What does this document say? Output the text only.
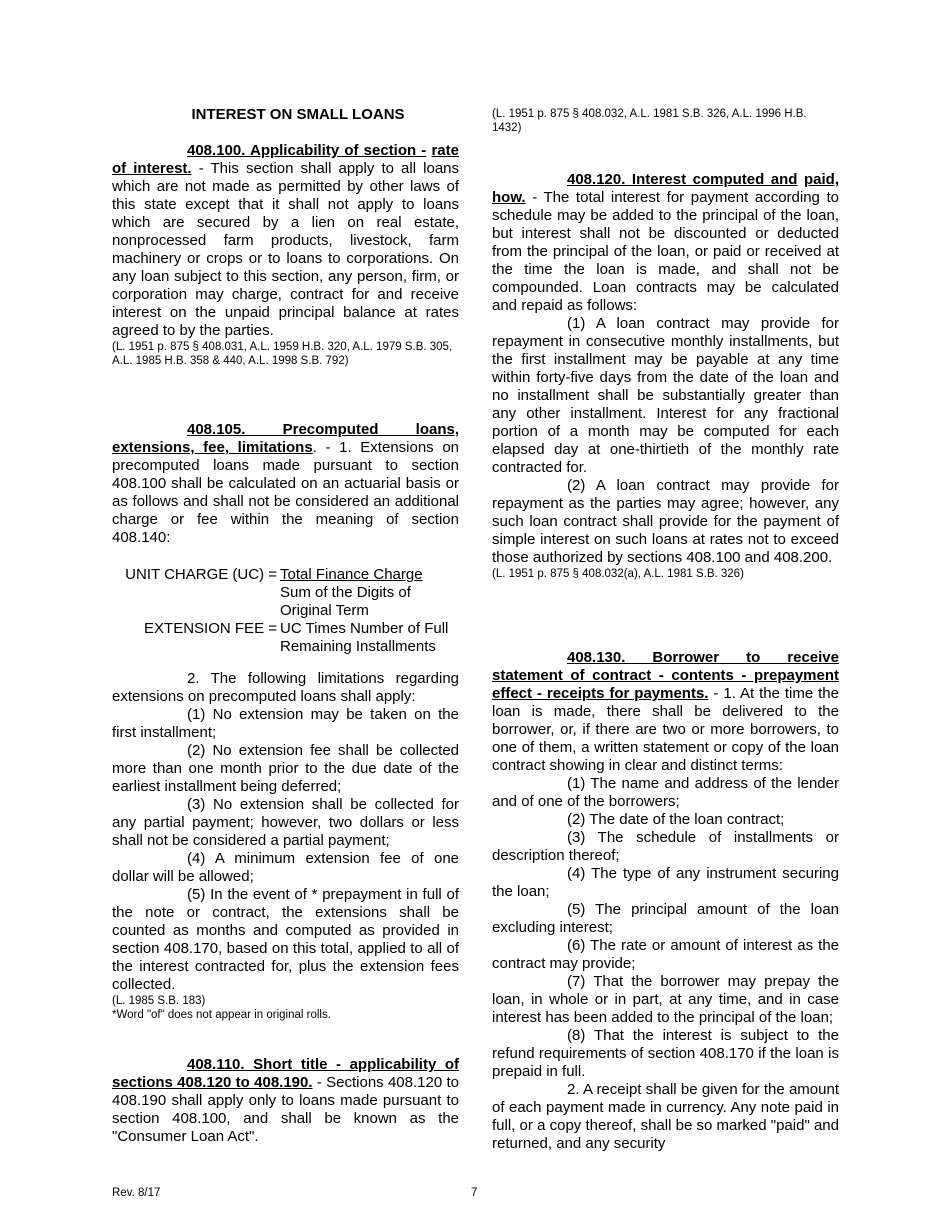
INTEREST ON SMALL LOANS

408.100. Applicability of section - rate of interest. - This section shall apply to all loans which are not made as permitted by other laws of this state except that it shall not apply to loans which are secured by a lien on real estate, nonprocessed farm products, livestock, farm machinery or crops or to loans to corporations. On any loan subject to this section, any person, firm, or corporation may charge, contract for and receive interest on the unpaid principal balance at rates agreed to by the parties.

(L. 1951 p. 875 § 408.031, A.L. 1959 H.B. 320, A.L. 1979 S.B. 305, A.L. 1985 H.B. 358 & 440, A.L. 1998 S.B. 792)

408.105. Precomputed loans, extensions, fee, limitations. - 1. Extensions on precomputed loans made pursuant to section 408.100 shall be calculated on an actuarial basis or as follows and shall not be considered an additional charge or fee within the meaning of section 408.140:

UNIT CHARGE (UC) = Total Finance Charge
Sum of the Digits of
Original Term
EXTENSION FEE = UC Times Number of Full
Remaining Installments

2. The following limitations regarding extensions on precomputed loans shall apply:

(1) No extension may be taken on the first installment;

(2) No extension fee shall be collected more than one month prior to the due date of the earliest installment being deferred;

(3) No extension shall be collected for any partial payment; however, two dollars or less shall not be considered a partial payment;

(4) A minimum extension fee of one dollar will be allowed;

(5) In the event of * prepayment in full of the note or contract, the extensions shall be counted as months and computed as provided in section 408.170, based on this total, applied to all of the interest contracted for, plus the extension fees collected.

(L. 1985 S.B. 183)

*Word "of" does not appear in original rolls.

408.110. Short title - applicability of sections 408.120 to 408.190. - Sections 408.120 to 408.190 shall apply only to loans made pursuant to section 408.100, and shall be known as the "Consumer Loan Act".

(L. 1951 p. 875 § 408.032, A.L. 1981 S.B. 326, A.L. 1996 H.B. 1432)

408.120. Interest computed and paid, how. - The total interest for payment according to schedule may be added to the principal of the loan, but interest shall not be discounted or deducted from the principal of the loan, or paid or received at the time the loan is made, and shall not be compounded. Loan contracts may be calculated and repaid as follows:

(1) A loan contract may provide for repayment in consecutive monthly installments, but the first installment may be payable at any time within forty-five days from the date of the loan and no installment shall be substantially greater than any other installment. Interest for any fractional portion of a month may be computed for each elapsed day at one-thirtieth of the monthly rate contracted for.

(2) A loan contract may provide for repayment as the parties may agree; however, any such loan contract shall provide for the payment of simple interest on such loans at rates not to exceed those authorized by sections 408.100 and 408.200.

(L. 1951 p. 875 § 408.032(a), A.L. 1981 S.B. 326)

408.130. Borrower to receive statement of contract - contents - prepayment effect - receipts for payments. - 1. At the time the loan is made, there shall be delivered to the borrower, or, if there are two or more borrowers, to one of them, a written statement or copy of the loan contract showing in clear and distinct terms:

(1) The name and address of the lender and of one of the borrowers;

(2) The date of the loan contract;

(3) The schedule of installments or description thereof;

(4) The type of any instrument securing the loan;

(5) The principal amount of the loan excluding interest;

(6) The rate or amount of interest as the contract may provide;

(7) That the borrower may prepay the loan, in whole or in part, at any time, and in case interest has been added to the principal of the loan;

(8) That the interest is subject to the refund requirements of section 408.170 if the loan is prepaid in full.

2. A receipt shall be given for the amount of each payment made in currency. Any note paid in full, or a copy thereof, shall be so marked "paid" and returned, and any security

Rev. 8/17	7
